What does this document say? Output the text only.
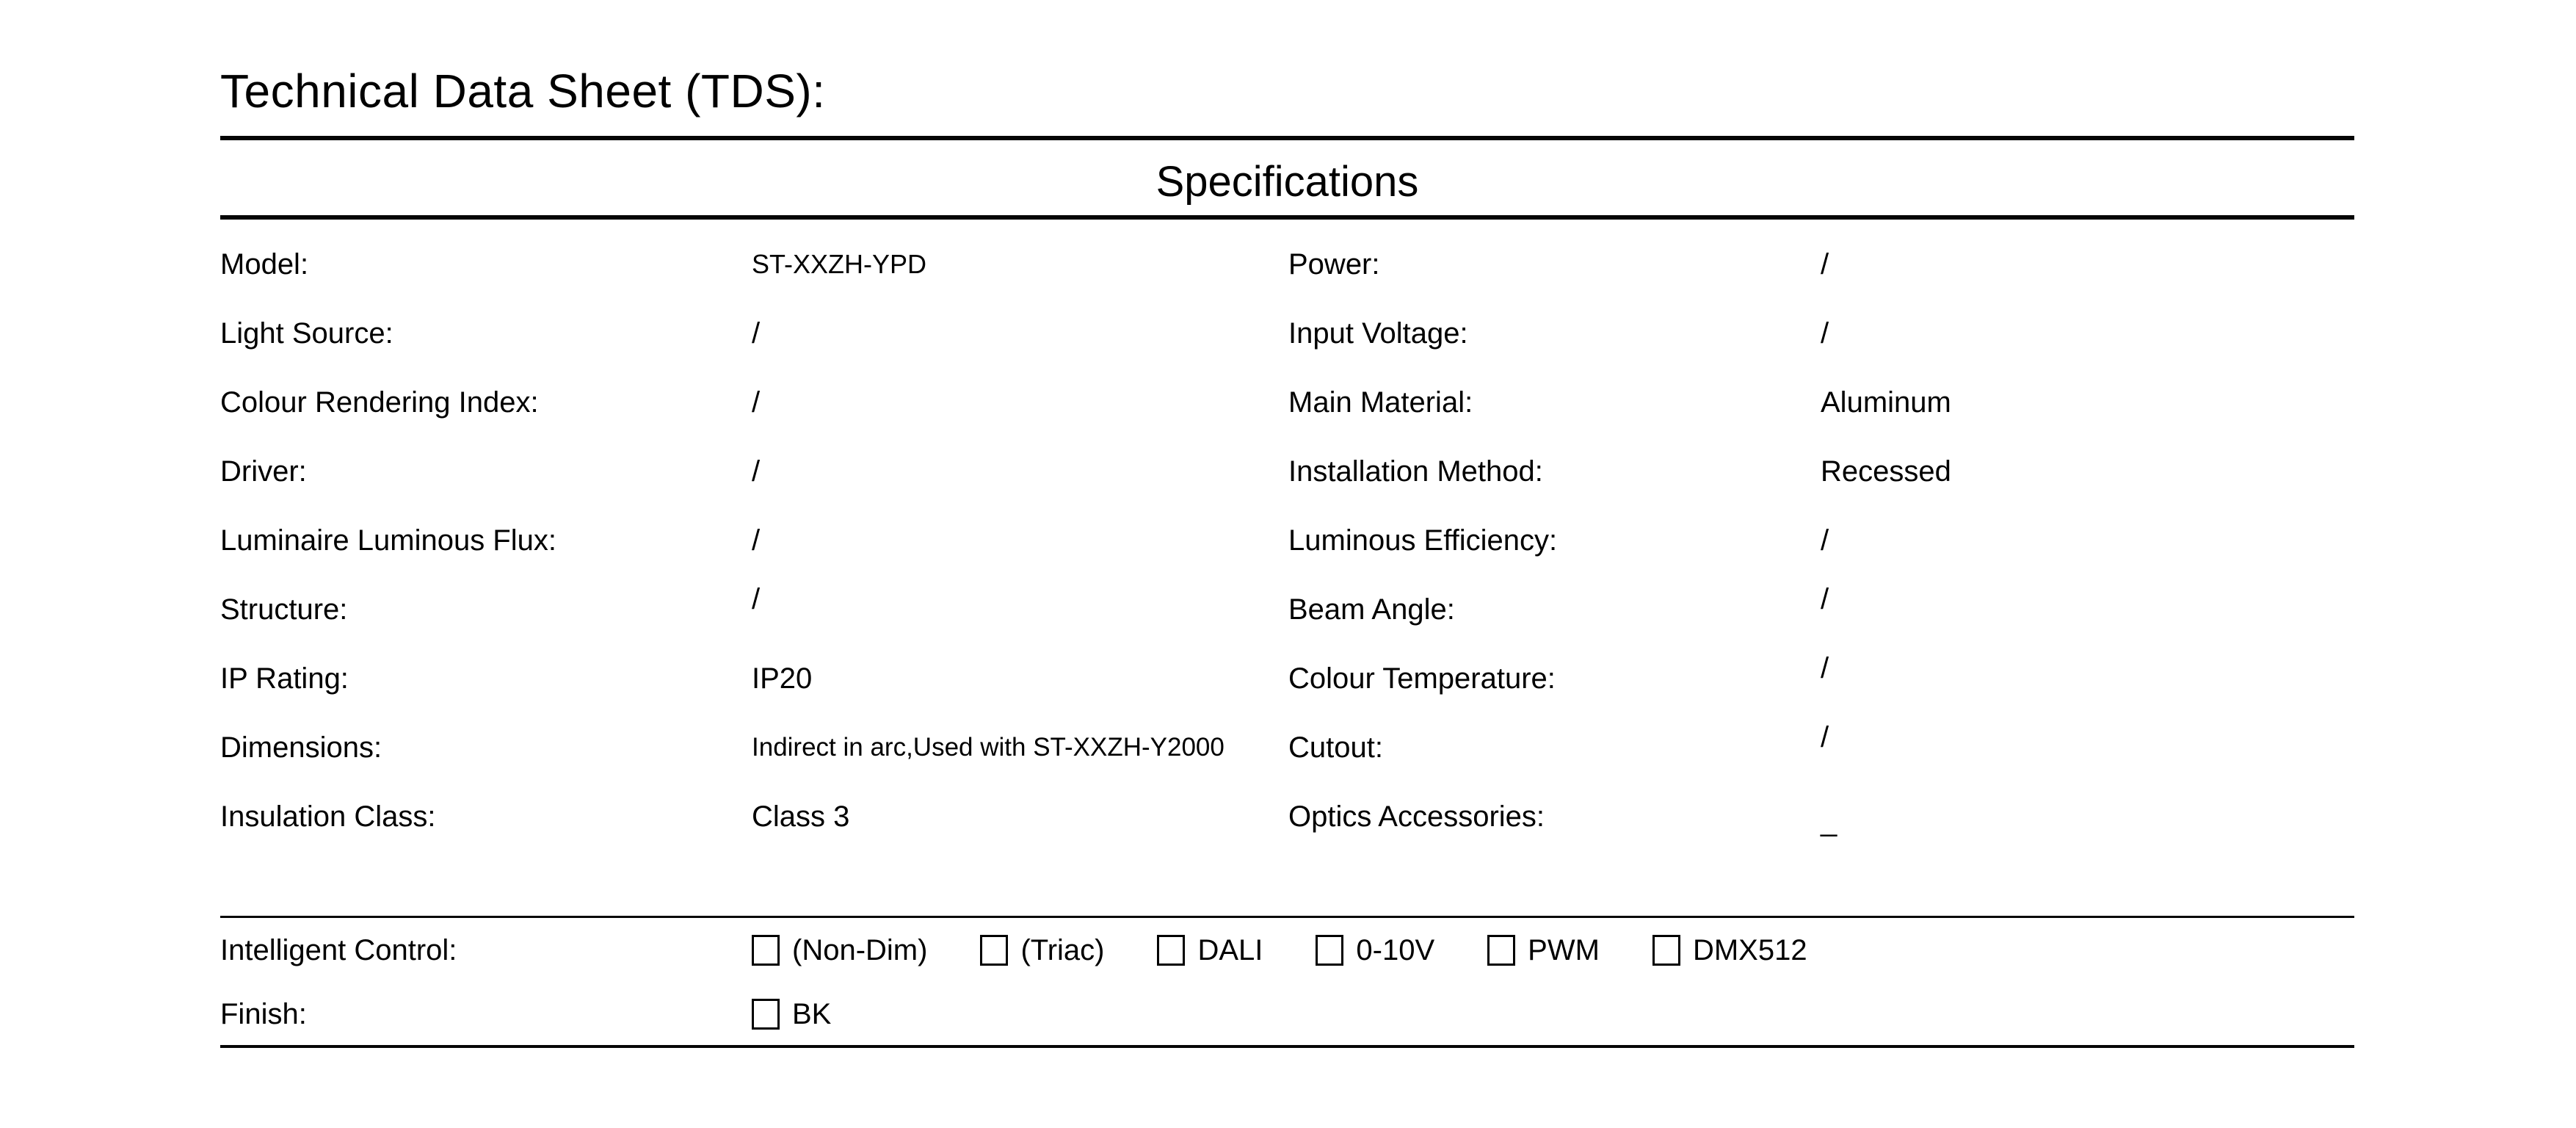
Technical Data Sheet (TDS):
Specifications
Model:	ST-XXZH-YPD	Power:	/
Light Source:	/	Input Voltage:	/
Colour Rendering Index:	/	Main Material:	Aluminum
Driver:	/	Installation Method:	Recessed
Luminaire Luminous Flux:	/	Luminous Efficiency:	/
Structure:	/	Beam Angle:	/
IP Rating:	IP20	Colour Temperature:	/
Dimensions:	Indirect in arc,Used with ST-XXZH-Y2000	Cutout:	/
Insulation Class:	Class 3	Optics Accessories:	_
Intelligent Control:	(Non-Dim)	(Triac)	DALI	0-10V	PWM	DMX512
Finish:	BK
